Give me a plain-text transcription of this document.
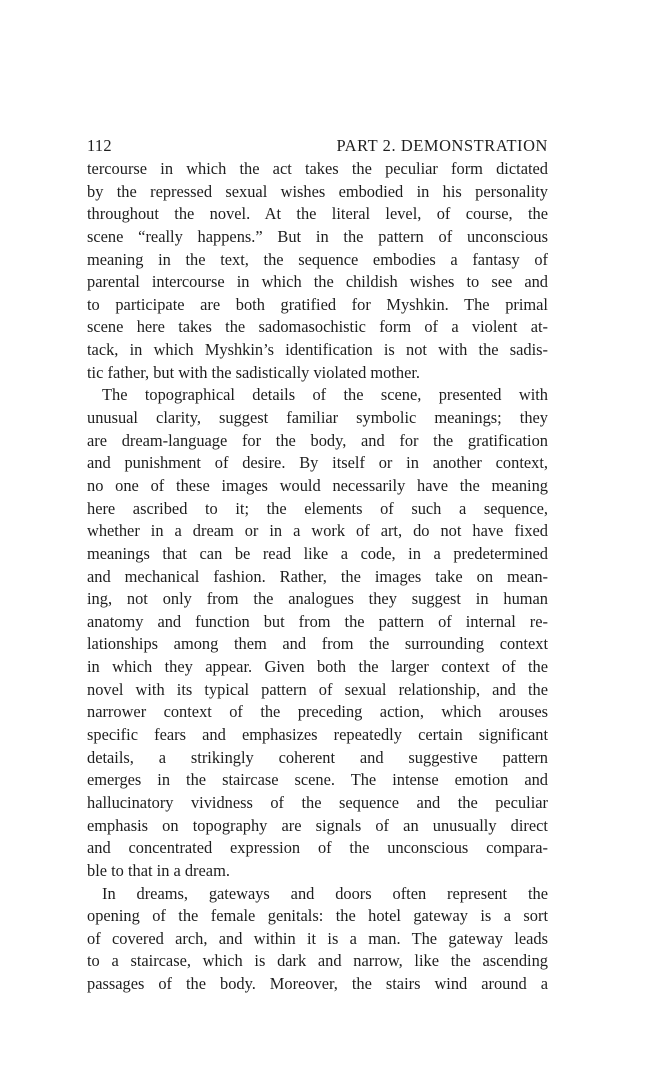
112	PART 2. DEMONSTRATION

tercourse in which the act takes the peculiar form dictated
by the repressed sexual wishes embodied in his personality
throughout the novel. At the literal level, of course, the
scene “really happens.” But in the pattern of unconscious
meaning in the text, the sequence embodies a fantasy of
parental intercourse in which the childish wishes to see and
to participate are both gratified for Myshkin. The primal
scene here takes the sadomasochistic form of a violent at-
tack, in which Myshkin’s identification is not with the sadis-
tic father, but with the sadistically violated mother.

The topographical details of the scene, presented with
unusual clarity, suggest familiar symbolic meanings; they
are dream-language for the body, and for the gratification
and punishment of desire. By itself or in another context,
no one of these images would necessarily have the meaning
here ascribed to it; the elements of such a sequence,
whether in a dream or in a work of art, do not have fixed
meanings that can be read like a code, in a predetermined
and mechanical fashion. Rather, the images take on mean-
ing, not only from the analogues they suggest in human
anatomy and function but from the pattern of internal re-
lationships among them and from the surrounding context
in which they appear. Given both the larger context of the
novel with its typical pattern of sexual relationship, and the
narrower context of the preceding action, which arouses
specific fears and emphasizes repeatedly certain significant
details, a strikingly coherent and suggestive pattern
emerges in the staircase scene. The intense emotion and
hallucinatory vividness of the sequence and the peculiar
emphasis on topography are signals of an unusually direct
and concentrated expression of the unconscious compara-
ble to that in a dream.

In dreams, gateways and doors often represent the
opening of the female genitals: the hotel gateway is a sort
of covered arch, and within it is a man. The gateway leads
to a staircase, which is dark and narrow, like the ascending
passages of the body. Moreover, the stairs wind around a
